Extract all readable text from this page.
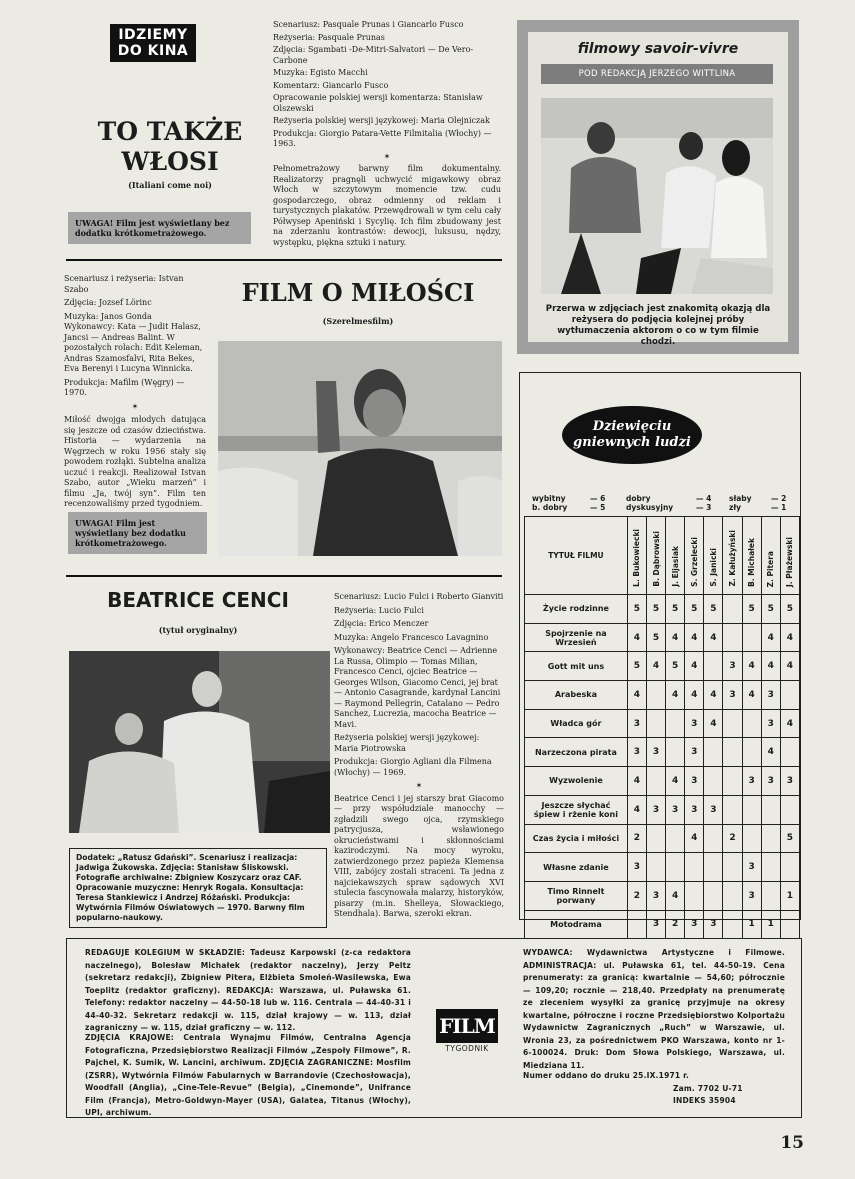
IDZIEMY
DO KINA
TO TAKŻE
WŁOSI
(Italiani come noi)
UWAGA! Film jest wyświetlany bez dodatku krótkometrażowego.

Scenariusz: Pasquale Prunas i Giancarlo Fusco

Reżyseria: Pasquale Prunas

Zdjęcia: Sgambati -De-Mitri-Salvatori — De Vero-Carbone

Muzyka: Egisto Macchi

Komentarz: Giancarlo Fusco

Opracowanie polskiej wersji komentarza: Stanisław Olszewski

Reżyseria polskiej wersji językowej: Maria Olejniczak

Produkcja: Giorgio Patara-Vette Filmitalia (Włochy) — 1963.

✶

Pełnometrażowy barwny film dokumentalny. Realizatorzy pragnęli uchwycić migawkowy obraz Włoch w szczytowym momencie tzw. cudu gospodarczego, obraz odmienny od reklam i turystycznych plakatów. Przewędrowali w tym celu cały Półwysep Apeniński i Sycylię. Ich film zbudowany jest na zderzaniu kontrastów: dewocji, luksusu, nędzy, występku, piękna sztuki i natury.

filmowy savoir-vivre
POD REDAKCJĄ JERZEGO WITTLINA
Przerwa w zdjęciach jest znakomitą okazją dla reżysera do podjęcia kolejnej próby wytłumaczenia aktorom o co w tym filmie chodzi.

Scenariusz i reżyseria: Istvan Szabo

Zdjęcia: Jozsef Lörinc

Muzyka: Janos Gonda

Wykonawcy: Kata — Judit Halasz, Jancsi — Andreas Balint. W pozostałych rolach: Edit Keleman, Andras Szamosfalvi, Rita Bekes, Eva Berenyi i Lucyna Winnicka.

Produkcja: Mafilm (Węgry) — 1970.

✶

Miłość dwojga młodych datująca się jeszcze od czasów dzieciństwa. Historia — wydarzenia na Węgrzech w roku 1956 stały się powodem rozłąki. Subtelna analiza uczuć i reakcji. Realizował Istvan Szabo, autor „Wieku marzeń” i filmu „Ja, twój syn”. Film ten recenzowaliśmy przed tygodniem.

UWAGA! Film jest wyświetlany bez dodatku krótkometrażowego.
FILM O MIŁOŚCI
(Szerelmesfilm)
BEATRICE CENCI
(tytuł oryginalny)
Dodatek: „Ratusz Gdański”. Scenariusz i realizacja: Jadwiga Żukowska. Zdjęcia: Stanisław Śliskowski. Fotografie archiwalne: Zbigniew Koszycarz oraz CAF. Opracowanie muzyczne: Henryk Rogala. Konsultacja: Teresa Stankiewicz i Andrzej Różański. Produkcja: Wytwórnia Filmów Oświatowych — 1970. Barwny film popularno-naukowy.

Scenariusz: Lucio Fulci i Roberto Gianviti

Reżyseria: Lucio Fulci

Zdjęcia: Erico Menczer

Muzyka: Angelo Francesco Lavagnino

Wykonawcy: Beatrice Cenci — Adrienne La Russa, Olimpio — Tomas Milian, Francesco Cenci, ojciec Beatrice — Georges Wilson, Giacomo Cenci, jej brat — Antonio Casagrande, kardynał Lancini — Raymond Pellegrin, Catalano — Pedro Sanchez, Lucrezia, macocha Beatrice — Mavi.

Reżyseria polskiej wersji językowej: Maria Piotrowska

Produkcja: Giorgio Agliani dla Filmena (Włochy) — 1969.

✶

Beatrice Cenci i jej starszy brat Giacomo — przy współudziale manocchy — zgładzili swego ojca, rzymskiego patrycjusza, wsławionego okrucieństwami i skłonnościami kazirodczymi. Na mocy wyroku, zatwierdzonego przez papieża Klemensa VIII, zabójcy zostali straceni. Ta jedna z najciekawszych spraw sądowych XVI stulecia fascynowała malarzy, historyków, pisarzy (m.in. Shelleya, Słowackiego, Stendhala). Barwa, szeroki ekran.

Dziewięciu
gniewnych ludzi
wybitny	— 6
b. dobry	— 5
dobry	— 4
dyskusyjny	— 3
słaby	— 2
zły	— 1
TYTUŁ FILMU	L. Bukowiecki	B. Dąbrowski	J. Eljasiak	S. Grzelecki	S. Janicki	Z. Kałużyński	B. Michałek	Z. Pitera	J. Płażewski
Życie rodzinne	5	5	5	5	5		5	5	5
Spojrzenie na Wrzesień	4	5	4	4	4			4	4
Gott mit uns	5	4	5	4		3	4	4	4
Arabeska	4		4	4	4	3	4	3	
Władca gór	3			3	4			3	4
Narzeczona pirata	3	3		3				4	
Wyzwolenie	4		4	3			3	3	3
Jeszcze słychać śpiew i rżenie koni	4	3	3	3	3				
Czas życia i miłości	2			4		2			5
Własne zdanie	3						3		
Timo Rinnelt porwany	2	3	4				3		1
Motodrama		3	2	3	3		1	1	
REDAGUJE KOLEGIUM W SKŁADZIE: Tadeusz Karpowski (z-ca redaktora naczelnego), Bolesław Michałek (redaktor naczelny), Jerzy Peltz (sekretarz redakcji), Zbigniew Pitera, Elżbieta Smoleń-Wasilewska, Ewa Toeplitz (redaktor graficzny). REDAKCJA: Warszawa, ul. Puławska 61. Telefony: redaktor naczelny — 44-50-18 lub w. 116. Centrala — 44-40-31 i 44-40-32. Sekretarz redakcji w. 115, dział krajowy — w. 113, dział zagraniczny — w. 115, dział graficzny — w. 112.
ZDJĘCIA KRAJOWE: Centrala Wynajmu Filmów, Centralna Agencja Fotograficzna, Przedsiębiorstwo Realizacji Filmów „Zespoły Filmowe”, R. Pajchel, K. Sumik, W. Lancini, archiwum. ZDJĘCIA ZAGRANICZNE: Mosfilm (ZSRR), Wytwórnia Filmów Fabularnych w Barrandovie (Czechosłowacja), Woodfall (Anglia), „Cine-Tele-Revue” (Belgia), „Cinemonde”, Unifrance Film (Francja), Metro-Goldwyn-Mayer (USA), Galatea, Titanus (Włochy), UPI, archiwum.
FILM
TYGODNIK
WYDAWCA: Wydawnictwa Artystyczne i Filmowe. ADMINISTRACJA: ul. Puławska 61, tel. 44-50-19. Cena prenumeraty: za granicą: kwartalnie — 54,60; półrocznie — 109,20; rocznie — 218,40. Przedpłaty na prenumeratę ze zleceniem wysyłki za granicę przyjmuje na okresy kwartalne, półroczne i roczne Przedsiębiorstwo Kolportażu Wydawnictw Zagranicznych „Ruch” w Warszawie, ul. Wronia 23, za pośrednictwem PKO Warszawa, konto nr 1-6-100024. Druk: Dom Słowa Polskiego, Warszawa, ul. Miedziana 11.
Numer oddano do druku 25.IX.1971 r.
Zam. 7702 U-71
INDEKS 35904
15
